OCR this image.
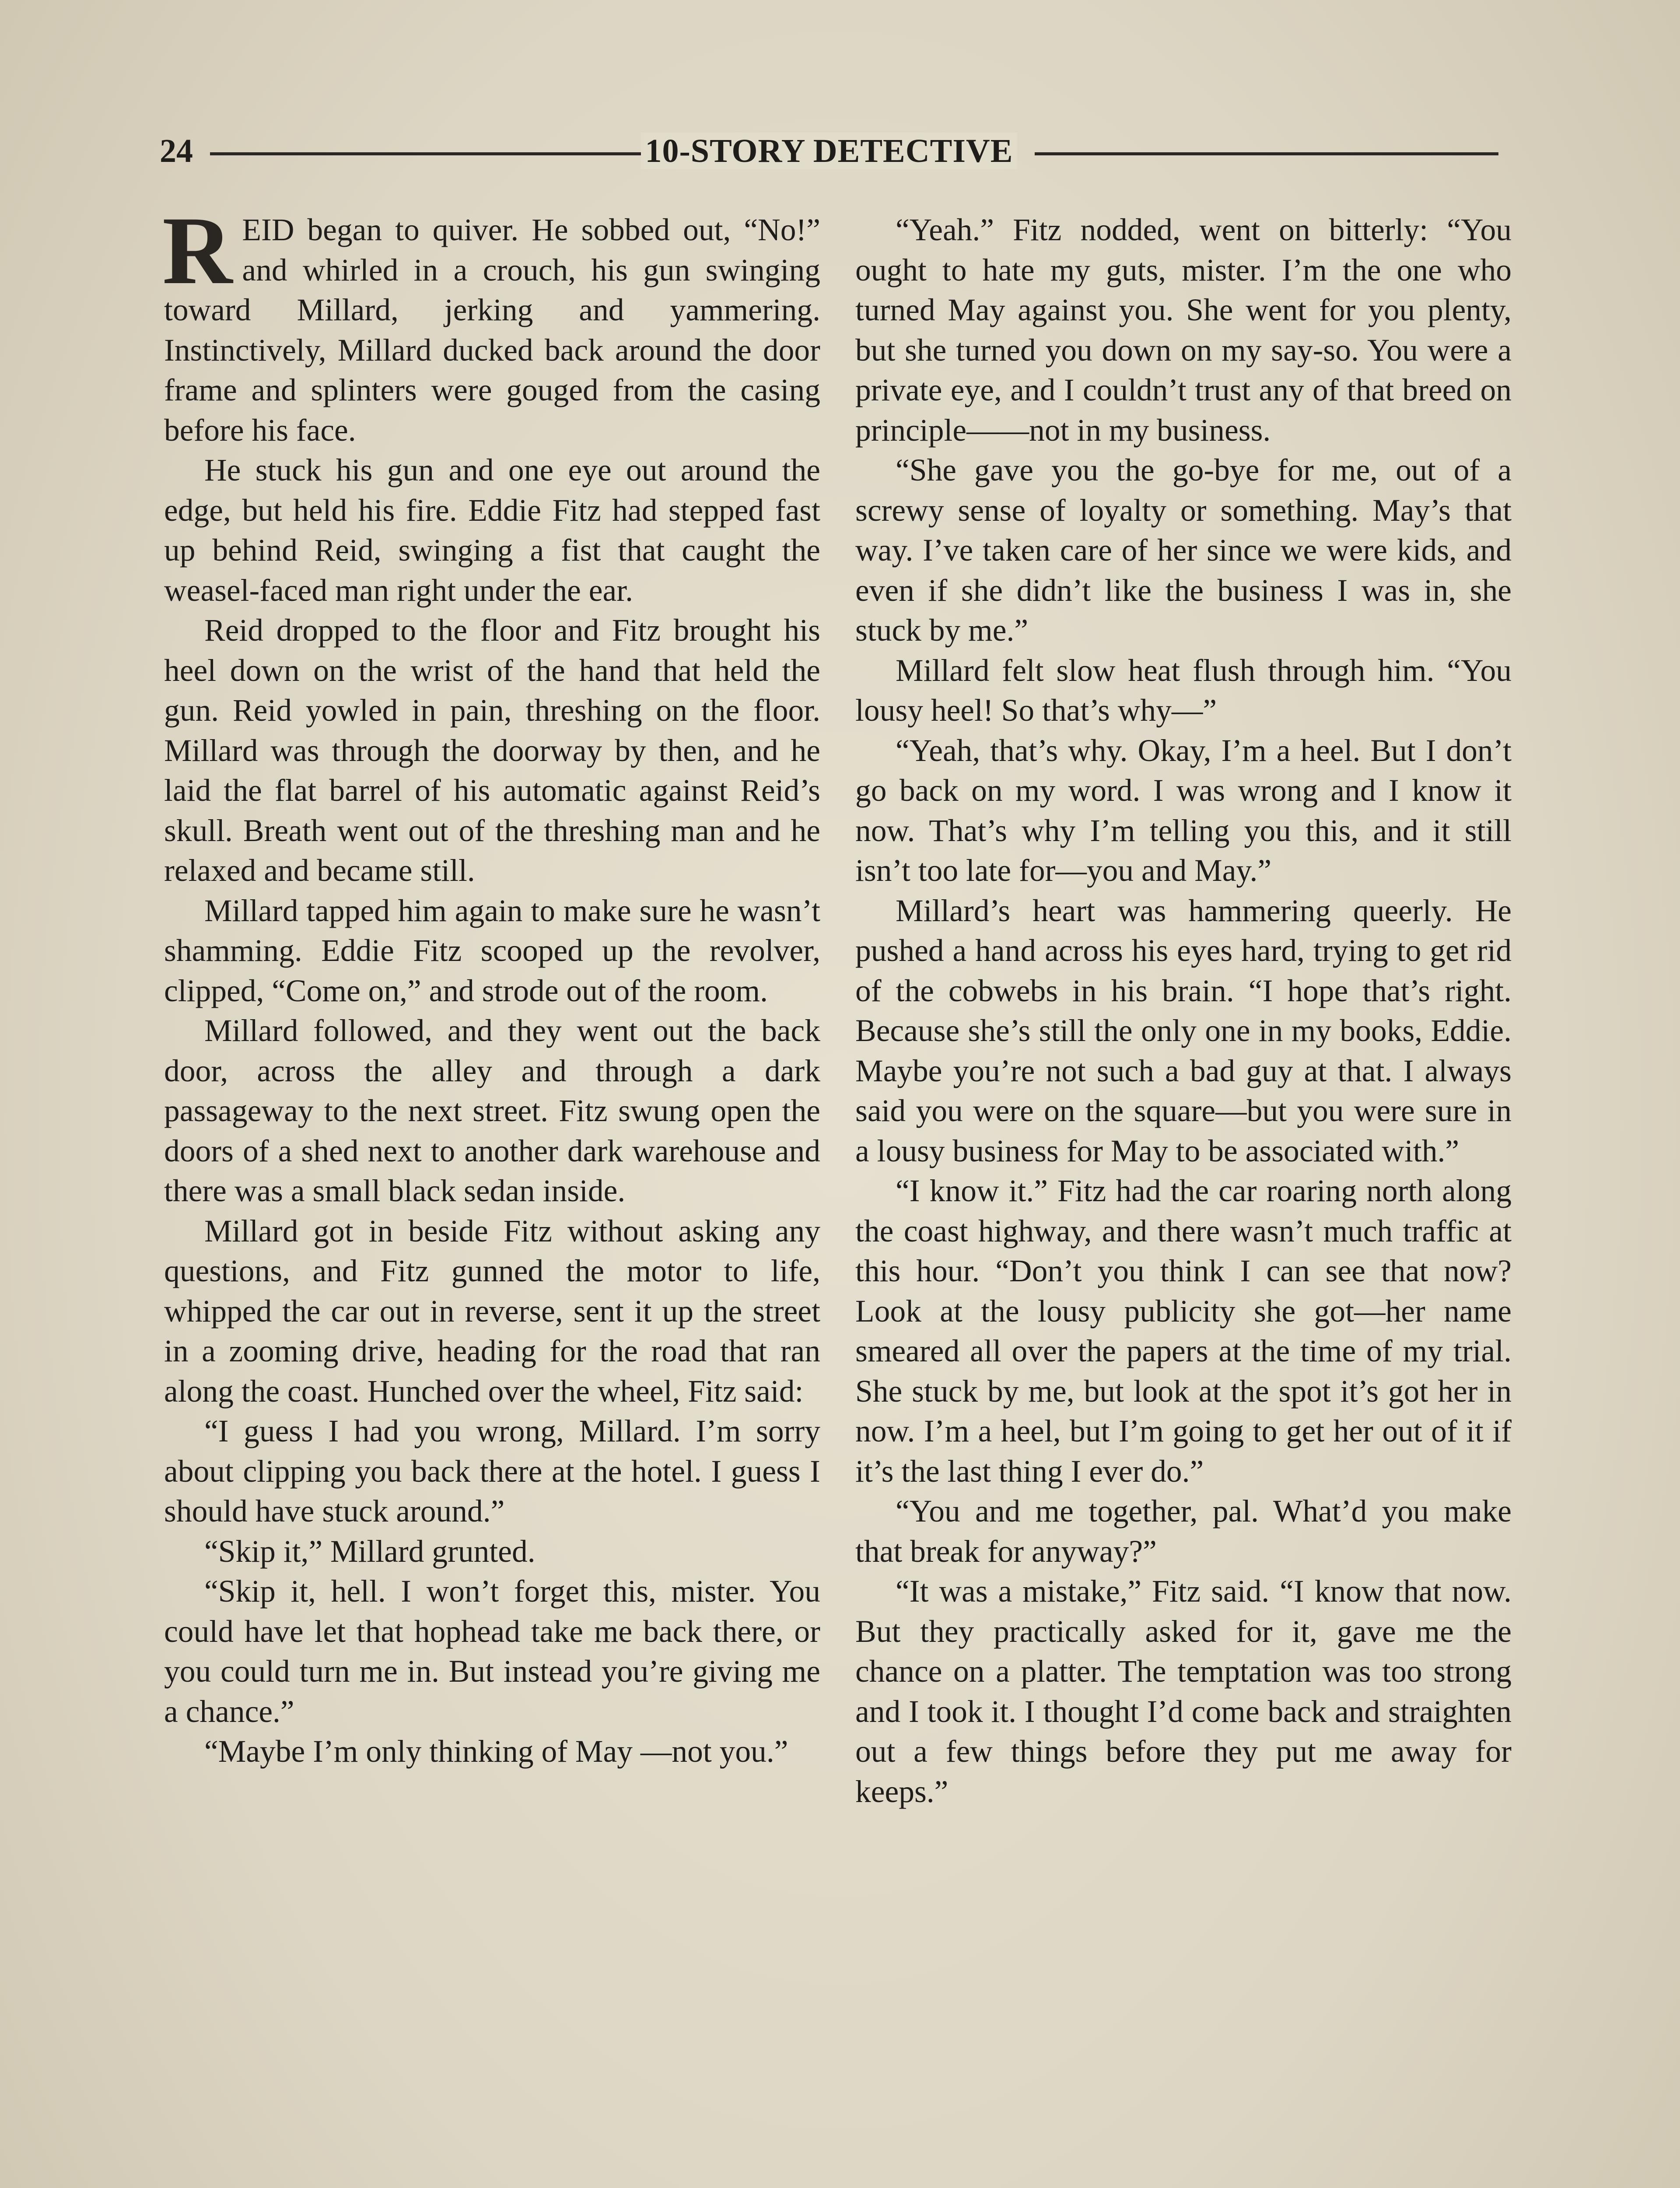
24	10-STORY DETECTIVE

REID began to quiver. He sobbed out, “No!” and whirled in a crouch, his gun swinging toward Millard, jerking and yammering. Instinctively, Millard ducked back around the door frame and splinters were gouged from the casing before his face.

He stuck his gun and one eye out around the edge, but held his fire. Eddie Fitz had stepped fast up behind Reid, swinging a fist that caught the weasel-faced man right under the ear.

Reid dropped to the floor and Fitz brought his heel down on the wrist of the hand that held the gun. Reid yowled in pain, threshing on the floor. Millard was through the doorway by then, and he laid the flat barrel of his automatic against Reid’s skull. Breath went out of the threshing man and he relaxed and became still.

Millard tapped him again to make sure he wasn’t shamming. Eddie Fitz scooped up the revolver, clipped, “Come on,” and strode out of the room.

Millard followed, and they went out the back door, across the alley and through a dark passageway to the next street. Fitz swung open the doors of a shed next to another dark warehouse and there was a small black sedan inside.

Millard got in beside Fitz without asking any questions, and Fitz gunned the motor to life, whipped the car out in reverse, sent it up the street in a zooming drive, heading for the road that ran along the coast. Hunched over the wheel, Fitz said:

“I guess I had you wrong, Millard. I’m sorry about clipping you back there at the hotel. I guess I should have stuck around.”

“Skip it,” Millard grunted.

“Skip it, hell. I won’t forget this, mister. You could have let that hophead take me back there, or you could turn me in. But instead you’re giving me a chance.”

“Maybe I’m only thinking of May —not you.”

“Yeah.” Fitz nodded, went on bitterly: “You ought to hate my guts, mister. I’m the one who turned May against you. She went for you plenty, but she turned you down on my say-so. You were a private eye, and I couldn’t trust any of that breed on principle——not in my business.

“She gave you the go-bye for me, out of a screwy sense of loyalty or something. May’s that way. I’ve taken care of her since we were kids, and even if she didn’t like the business I was in, she stuck by me.”

Millard felt slow heat flush through him. “You lousy heel! So that’s why—”

“Yeah, that’s why. Okay, I’m a heel. But I don’t go back on my word. I was wrong and I know it now. That’s why I’m telling you this, and it still isn’t too late for—you and May.”

Millard’s heart was hammering queerly. He pushed a hand across his eyes hard, trying to get rid of the cobwebs in his brain. “I hope that’s right. Because she’s still the only one in my books, Eddie. Maybe you’re not such a bad guy at that. I always said you were on the square—but you were sure in a lousy business for May to be associated with.”

“I know it.” Fitz had the car roaring north along the coast highway, and there wasn’t much traffic at this hour. “Don’t you think I can see that now? Look at the lousy publicity she got—her name smeared all over the papers at the time of my trial. She stuck by me, but look at the spot it’s got her in now. I’m a heel, but I’m going to get her out of it if it’s the last thing I ever do.”

“You and me together, pal. What’d you make that break for anyway?”

“It was a mistake,” Fitz said. “I know that now. But they practically asked for it, gave me the chance on a platter. The temptation was too strong and I took it. I thought I’d come back and straighten out a few things before they put me away for keeps.”
